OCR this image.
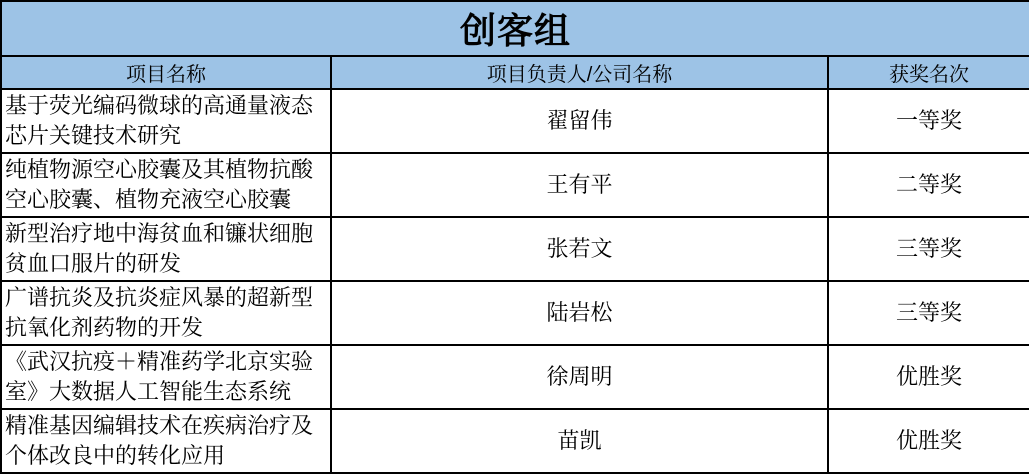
创客组		
项目名称	项目负责人/公司名称	获奖名次
基于荧光编码微球的高通量液态芯片关键技术研究	翟留伟	一等奖
纯植物源空心胶囊及其植物抗酸空心胶囊、植物充液空心胶囊	王有平	二等奖
新型治疗地中海贫血和镰状细胞贫血口服片的研发	张若文	三等奖
广谱抗炎及抗炎症风暴的超新型抗氧化剂药物的开发	陆岩松	三等奖
《武汉抗疫＋精准药学北京实验室》大数据人工智能生态系统	徐周明	优胜奖
精准基因编辑技术在疾病治疗及个体改良中的转化应用	苗凯	优胜奖
